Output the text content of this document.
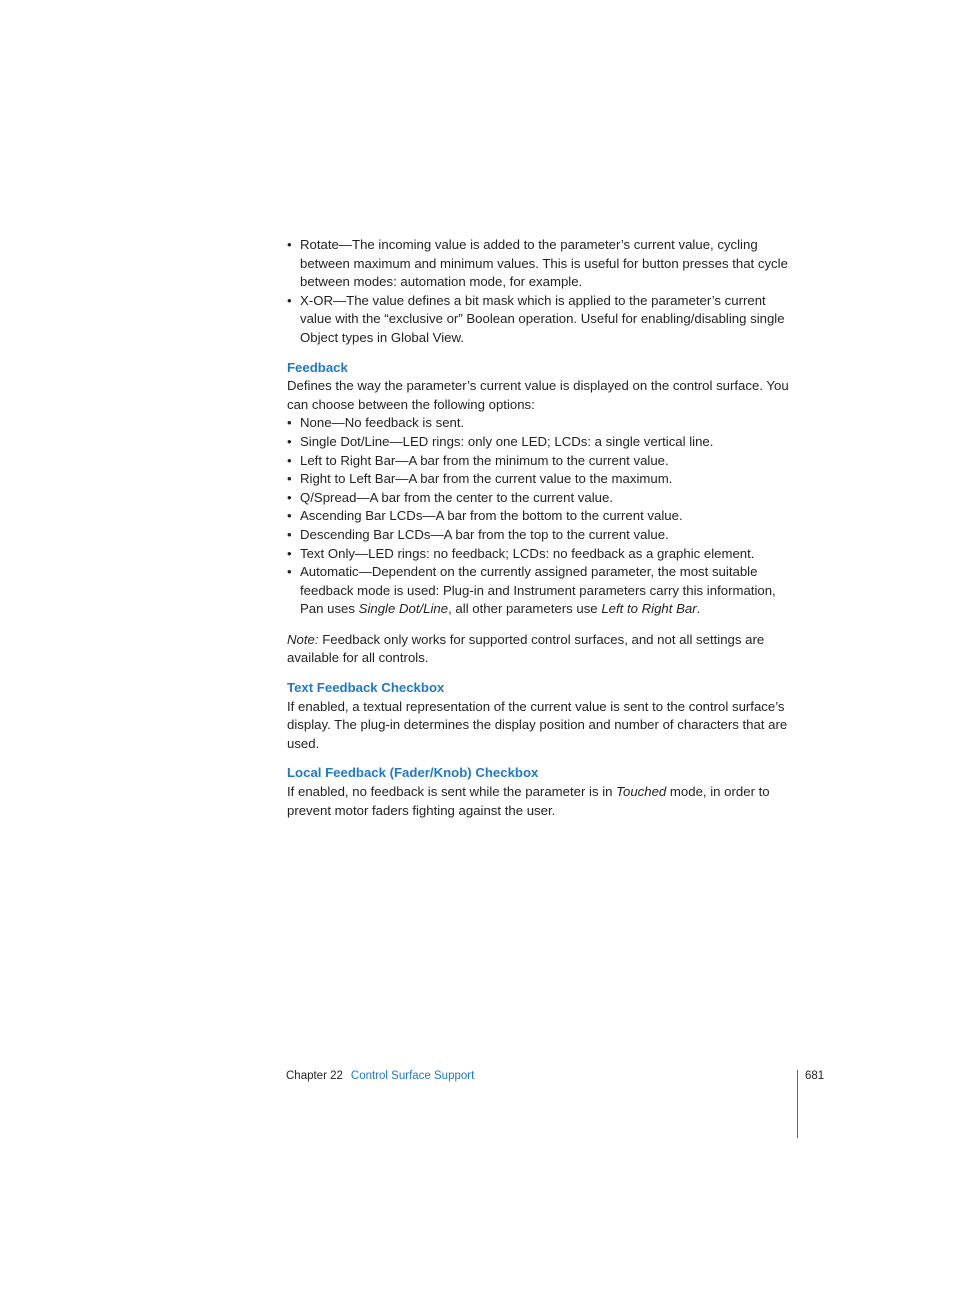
• Rotate—The incoming value is added to the parameter’s current value, cycling between maximum and minimum values. This is useful for button presses that cycle between modes: automation mode, for example.
• X-OR—The value defines a bit mask which is applied to the parameter’s current value with the “exclusive or” Boolean operation. Useful for enabling/disabling single Object types in Global View.
Feedback

Defines the way the parameter’s current value is displayed on the control surface. You can choose between the following options:

• None—No feedback is sent.
• Single Dot/Line—LED rings: only one LED; LCDs: a single vertical line.
• Left to Right Bar—A bar from the minimum to the current value.
• Right to Left Bar—A bar from the current value to the maximum.
• Q/Spread—A bar from the center to the current value.
• Ascending Bar LCDs—A bar from the bottom to the current value.
• Descending Bar LCDs—A bar from the top to the current value.
• Text Only—LED rings: no feedback; LCDs: no feedback as a graphic element.
• Automatic—Dependent on the currently assigned parameter, the most suitable feedback mode is used: Plug-in and Instrument parameters carry this information, Pan uses Single Dot/Line, all other parameters use Left to Right Bar.

Note: Feedback only works for supported control surfaces, and not all settings are available for all controls.

Text Feedback Checkbox

If enabled, a textual representation of the current value is sent to the control surface’s display. The plug-in determines the display position and number of characters that are used.

Local Feedback (Fader/Knob) Checkbox

If enabled, no feedback is sent while the parameter is in Touched mode, in order to prevent motor faders fighting against the user.

Chapter 22 Control Surface Support	681
